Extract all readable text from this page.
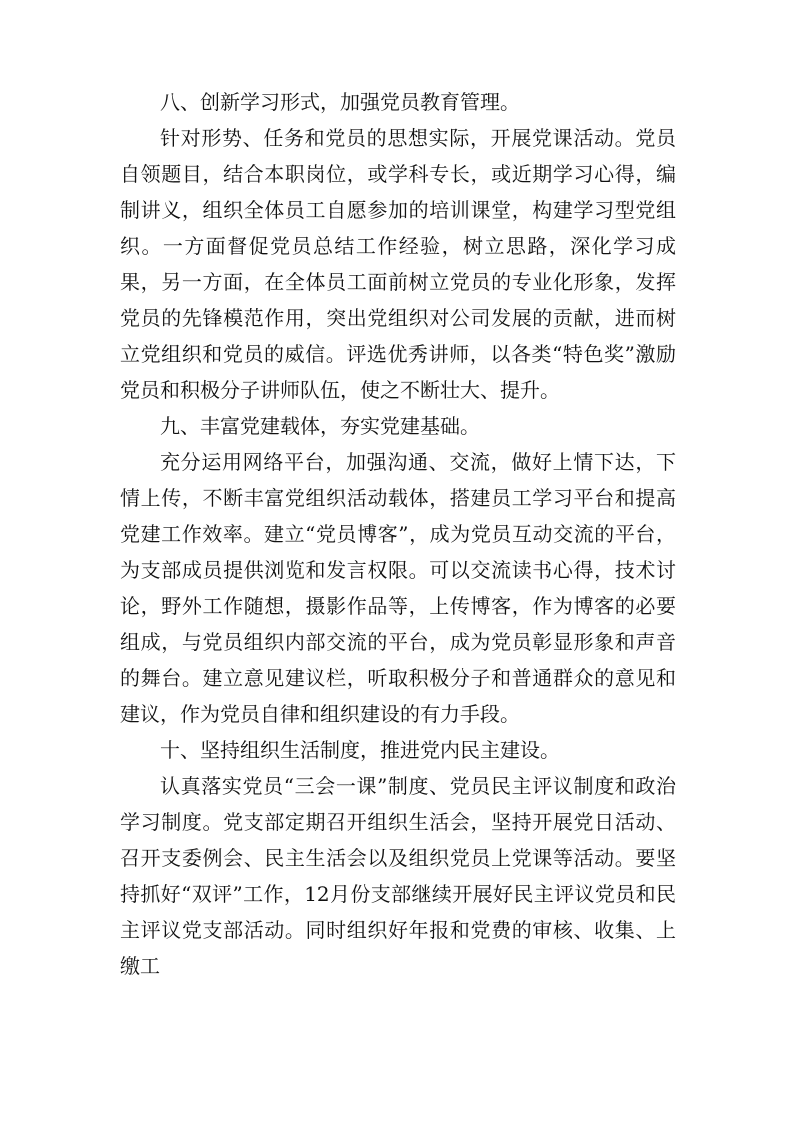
八、创新学习形式，加强党员教育管理。

针对形势、任务和党员的思想实际，开展党课活动。党员自领题目，结合本职岗位，或学科专长，或近期学习心得，编制讲义，组织全体员工自愿参加的培训课堂，构建学习型党组织。一方面督促党员总结工作经验，树立思路，深化学习成果，另一方面，在全体员工面前树立党员的专业化形象，发挥党员的先锋模范作用，突出党组织对公司发展的贡献，进而树立党组织和党员的威信。评选优秀讲师，以各类“特色奖”激励党员和积极分子讲师队伍，使之不断壮大、提升。

九、丰富党建载体，夯实党建基础。

充分运用网络平台，加强沟通、交流，做好上情下达，下情上传，不断丰富党组织活动载体，搭建员工学习平台和提高党建工作效率。建立“党员博客”，成为党员互动交流的平台，为支部成员提供浏览和发言权限。可以交流读书心得，技术讨论，野外工作随想，摄影作品等，上传博客，作为博客的必要组成，与党员组织内部交流的平台，成为党员彰显形象和声音的舞台。建立意见建议栏，听取积极分子和普通群众的意见和建议，作为党员自律和组织建设的有力手段。

十、坚持组织生活制度，推进党内民主建设。

认真落实党员“三会一课”制度、党员民主评议制度和政治学习制度。党支部定期召开组织生活会，坚持开展党日活动、召开支委例会、民主生活会以及组织党员上党课等活动。要坚持抓好“双评”工作，12月份支部继续开展好民主评议党员和民主评议党支部活动。同时组织好年报和党费的审核、收集、上缴工
